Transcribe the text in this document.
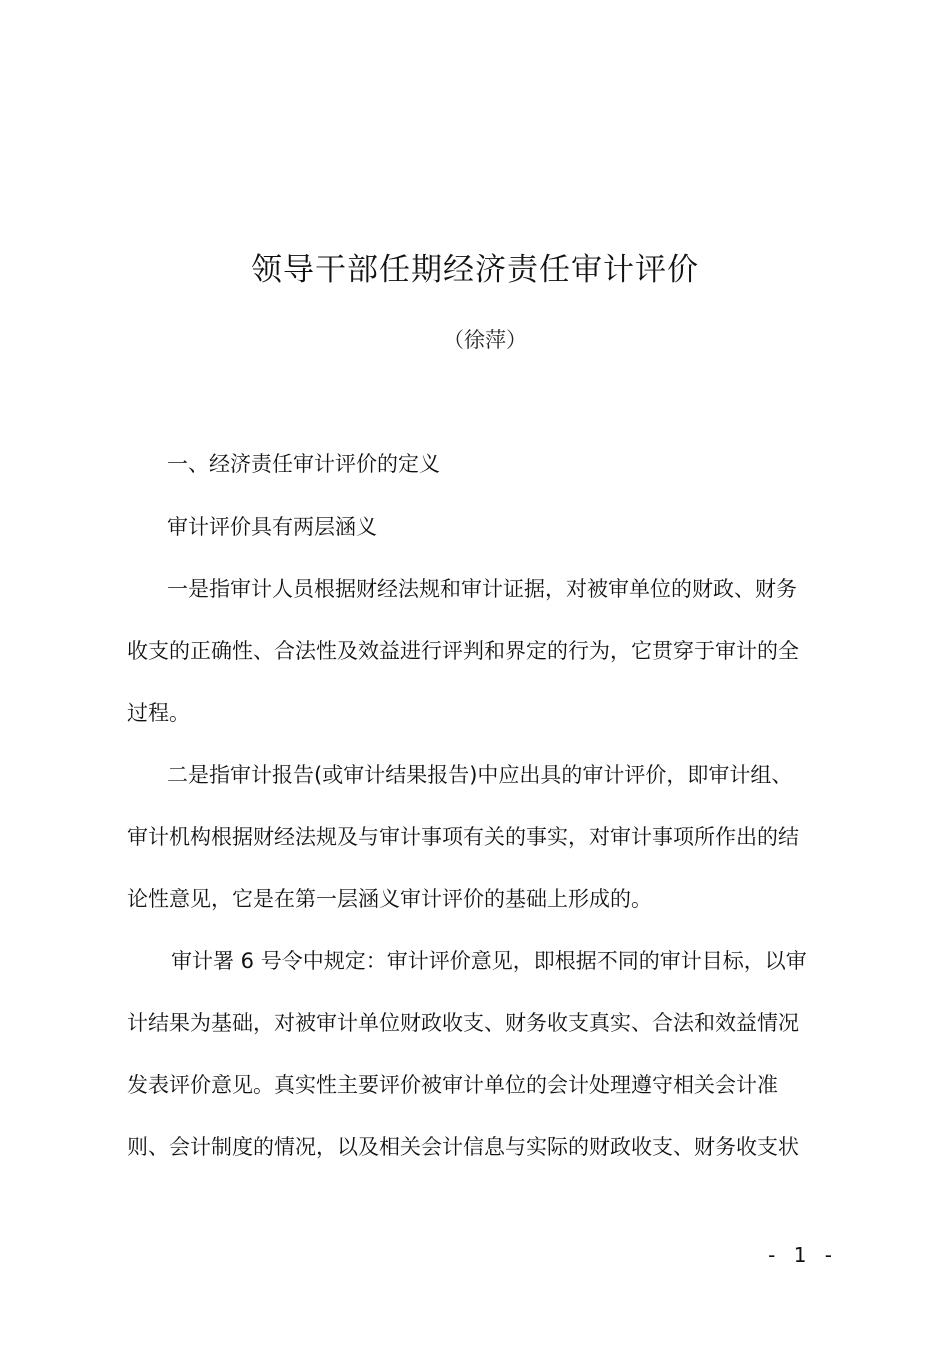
领导干部任期经济责任审计评价
（徐萍）
一、经济责任审计评价的定义
审计评价具有两层涵义
一是指审计人员根据财经法规和审计证据，对被审单位的财政、财务
收支的正确性、合法性及效益进行评判和界定的行为，它贯穿于审计的全
过程。
二是指审计报告(或审计结果报告)中应出具的审计评价，即审计组、
审计机构根据财经法规及与审计事项有关的事实，对审计事项所作出的结
论性意见，它是在第一层涵义审计评价的基础上形成的。
审计署 6 号令中规定：审计评价意见，即根据不同的审计目标，以审
计结果为基础，对被审计单位财政收支、财务收支真实、合法和效益情况
发表评价意见。真实性主要评价被审计单位的会计处理遵守相关会计准
则、会计制度的情况，以及相关会计信息与实际的财政收支、财务收支状
- 1 -
